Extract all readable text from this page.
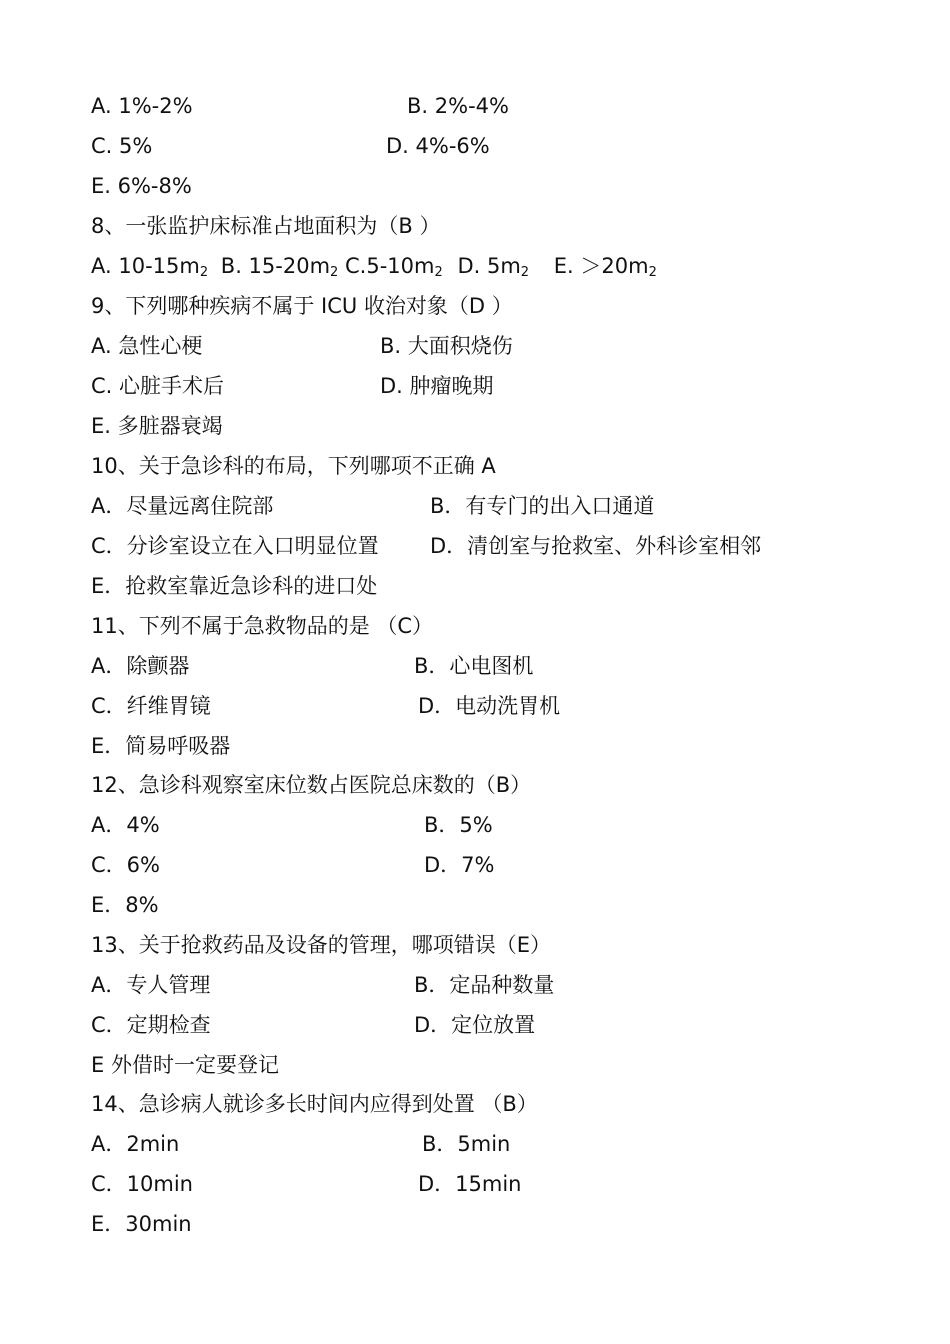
A. 1%-2%	B. 2%-4%
C. 5%	D. 4%-6%
E. 6%-8%
8、一张监护床标准占地面积为（B ）
A. $10-15m_2$ B. $15-20m_2$ $C.5-10m_2$ D. $5m_2$ E. $>20m_2$
9、下列哪种疾病不属于 ICU 收治对象（D ）
A. 急性心梗	B. 大面积烧伤
C. 心脏手术后	D. 肿瘤晚期
E. 多脏器衰竭
10、关于急诊科的布局，下列哪项不正确 A
A．尽量远离住院部	B．有专门的出入口通道
C．分诊室设立在入口明显位置 D．清创室与抢救室、外科诊室相邻
E．抢救室靠近急诊科的进口处
11、下列不属于急救物品的是 （C）
A．除颤器	B．心电图机
C．纤维胃镜	D．电动洗胃机
E．简易呼吸器
12、急诊科观察室床位数占医院总床数的（B）
A．4%	B．5%
C．6%	D．7%
E．8%
13、关于抢救药品及设备的管理，哪项错误（E）
A．专人管理	B．定品种数量
C．定期检查	D．定位放置
E 外借时一定要登记
14、急诊病人就诊多长时间内应得到处置 （B）
A．2min	B．5min
C．10min	D．15min
E．30min
